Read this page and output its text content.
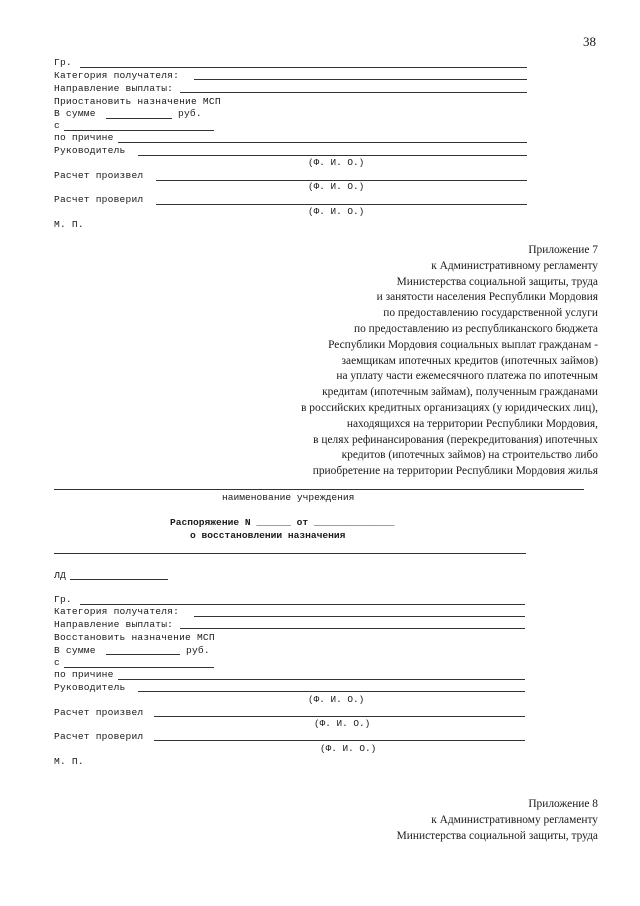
38
Гр.
Категория получателя:
Направление выплаты:
Приостановить назначение МСП
В сумме	руб.
с
по причине
Руководитель
(Ф. И. О.)
Расчет произвел
(Ф. И. О.)
Расчет проверил
(Ф. И. О.)
М. П.
Приложение 7
к Административному регламенту
Министерства социальной защиты, труда
и занятости населения Республики Мордовия
по предоставлению государственной услуги
по предоставлению из республиканского бюджета
Республики Мордовия социальных выплат гражданам -
заемщикам ипотечных кредитов (ипотечных займов)
на уплату части ежемесячного платежа по ипотечным
кредитам (ипотечным займам), полученным гражданами
в российских кредитных организациях (у юридических лиц),
находящихся на территории Республики Мордовия,
в целях рефинансирования (перекредитования) ипотечных
кредитов (ипотечных займов) на строительство либо
приобретение на территории Республики Мордовия жилья
наименование учреждения
Распоряжение N ______ от ______________
о восстановлении назначения
ЛД
Гр.
Категория получателя:
Направление выплаты:
Восстановить назначение МСП
В сумме	руб.
с
по причине
Руководитель
(Ф. И. О.)
Расчет произвел
(Ф. И. О.)
Расчет проверил
(Ф. И. О.)
М. П.
Приложение 8
к Административному регламенту
Министерства социальной защиты, труда
